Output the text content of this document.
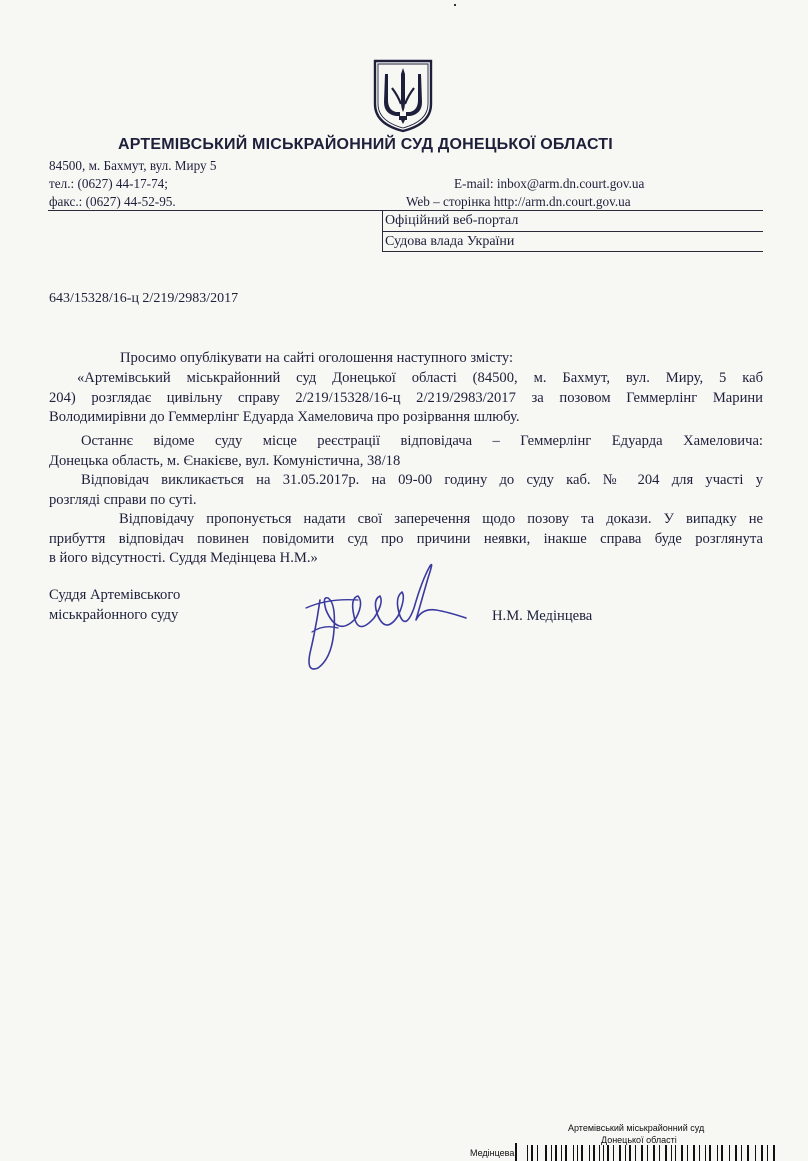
АРТЕМІВСЬКИЙ МІСЬКРАЙОННИЙ СУД ДОНЕЦЬКОЇ ОБЛАСТІ
84500, м. Бахмут, вул. Миру 5
тел.: (0627) 44-17-74;
факс.: (0627) 44-52-95.
E-mail: inbox@arm.dn.court.gov.ua
Web – сторінка http://arm.dn.court.gov.ua
Офіційний веб-портал
Судова влада України
643/15328/16-ц 2/219/2983/2017
Просимо опублікувати на сайті оголошення наступного змісту:
«Артемівський міськрайонний суд Донецької області (84500, м. Бахмут, вул. Миру, 5 каб
204) розглядає цивільну справу 2/219/15328/16-ц 2/219/2983/2017 за позовом Геммерлінг Марини
Володимирівни до Геммерлінг Едуарда Хамеловича про розірвання шлюбу.
Останнє відоме суду місце реєстрації відповідача – Геммерлінг Едуарда Хамеловича:
Донецька область, м. Єнакієве, вул. Комуністична, 38/18
Відповідач викликається на 31.05.2017р. на 09-00 годину до суду каб. № 204 для участі у
розгляді справи по суті.
Відповідачу пропонується надати свої заперечення щодо позову та докази. У випадку не
прибуття відповідач повинен повідомити суд про причини неявки, інакше справа буде розглянута
в його відсутності. Суддя Медінцева Н.М.»
Суддя Артемівського
міськрайонного суду	Н.М. Медінцева
Артемівський міськрайонний суд
Донецької області
Медінцева
